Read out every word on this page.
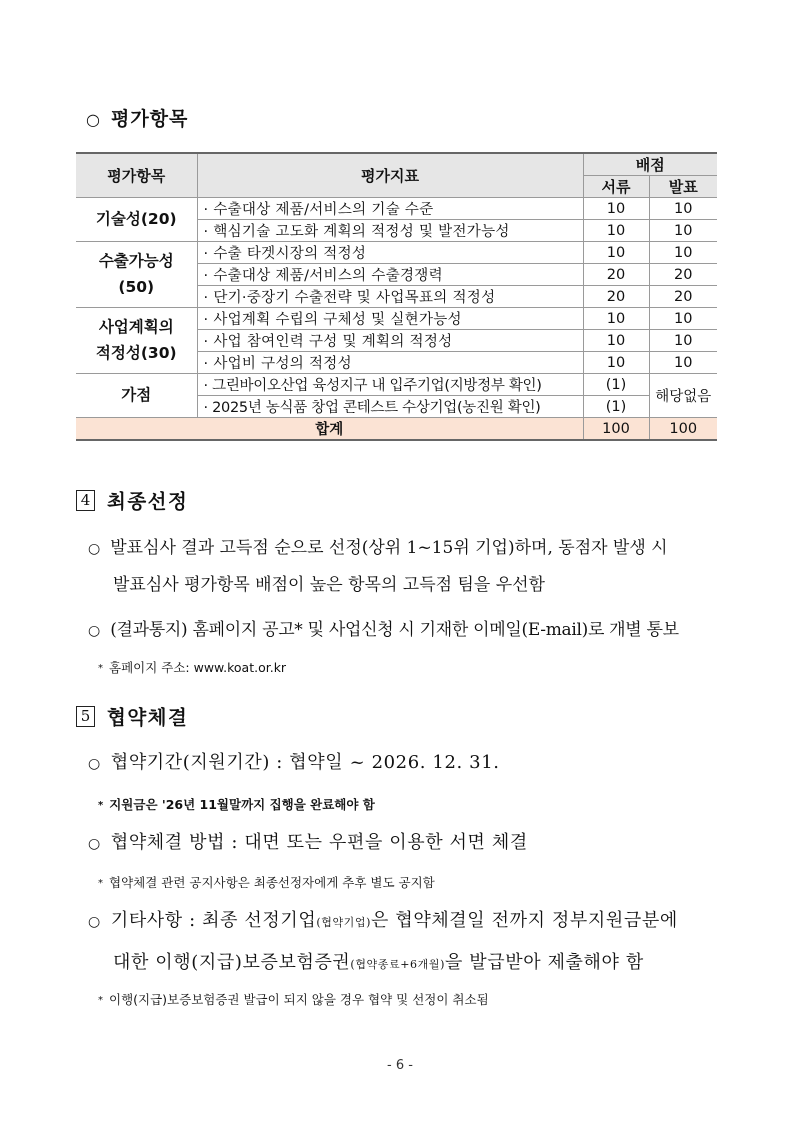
○ 평가항목
평가항목	평가지표	배점	
		서류	발표
기술성(20)	· 수출대상 제품/서비스의 기술 수준	10	10
	· 핵심기술 고도화 계획의 적정성 및 발전가능성	10	10
수출가능성
(50)	· 수출 타겟시장의 적정성	10	10
	· 수출대상 제품/서비스의 수출경쟁력	20	20
	· 단기·중장기 수출전략 및 사업목표의 적정성	20	20
사업계획의
적정성(30)	· 사업계획 수립의 구체성 및 실현가능성	10	10
	· 사업 참여인력 구성 및 계획의 적정성	10	10
	· 사업비 구성의 적정성	10	10
가점	· 그린바이오산업 육성지구 내 입주기업(지방정부 확인)	(1)	해당없음
	· 2025년 농식품 창업 콘테스트 수상기업(농진원 확인)	(1)	
합계		100	100
4 최종선정
○ 발표심사 결과 고득점 순으로 선정(상위 1~15위 기업)하며, 동점자 발생 시
발표심사 평가항목 배점이 높은 항목의 고득점 팀을 우선함
○ (결과통지) 홈페이지 공고* 및 사업신청 시 기재한 이메일(E-mail)로 개별 통보
* 홈페이지 주소: www.koat.or.kr
5 협약체결
○ 협약기간(지원기간) : 협약일 ~ 2026. 12. 31.
* 지원금은 '26년 11월말까지 집행을 완료해야 함
○ 협약체결 방법 : 대면 또는 우편을 이용한 서면 체결
* 협약체결 관련 공지사항은 최종선정자에게 추후 별도 공지함
○ 기타사항 : 최종 선정기업(협약기업)은 협약체결일 전까지 정부지원금분에
대한 이행(지급)보증보험증권(협약종료+6개월)을 발급받아 제출해야 함
* 이행(지급)보증보험증권 발급이 되지 않을 경우 협약 및 선정이 취소됨
- 6 -
